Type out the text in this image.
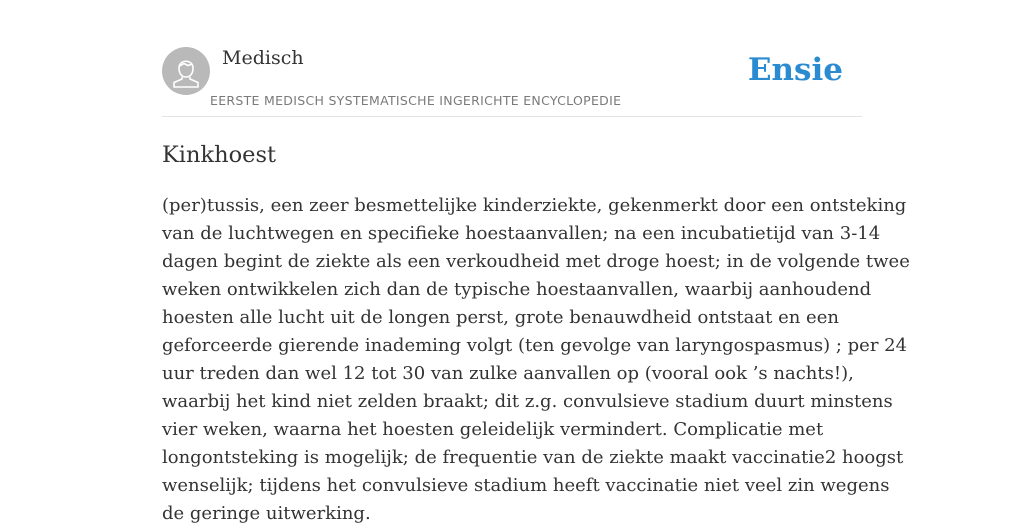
Medisch
EERSTE MEDISCH SYSTEMATISCHE INGERICHTE ENCYCLOPEDIE
Ensie
Kinkhoest
(per)tussis, een zeer besmettelijke kinderziekte, gekenmerkt door een ontsteking
van de luchtwegen en specifieke hoestaanvallen; na een incubatietijd van 3-14
dagen begint de ziekte als een verkoudheid met droge hoest; in de volgende twee
weken ontwikkelen zich dan de typische hoestaanvallen, waarbij aanhoudend
hoesten alle lucht uit de longen perst, grote benauwdheid ontstaat en een
geforceerde gierende inademing volgt (ten gevolge van laryngospasmus) ; per 24
uur treden dan wel 12 tot 30 van zulke aanvallen op (vooral ook ’s nachts!),
waarbij het kind niet zelden braakt; dit z.g. convulsieve stadium duurt minstens
vier weken, waarna het hoesten geleidelijk vermindert. Complicatie met
longontsteking is mogelijk; de frequentie van de ziekte maakt vaccinatie2 hoogst
wenselijk; tijdens het convulsieve stadium heeft vaccinatie niet veel zin wegens
de geringe uitwerking.
